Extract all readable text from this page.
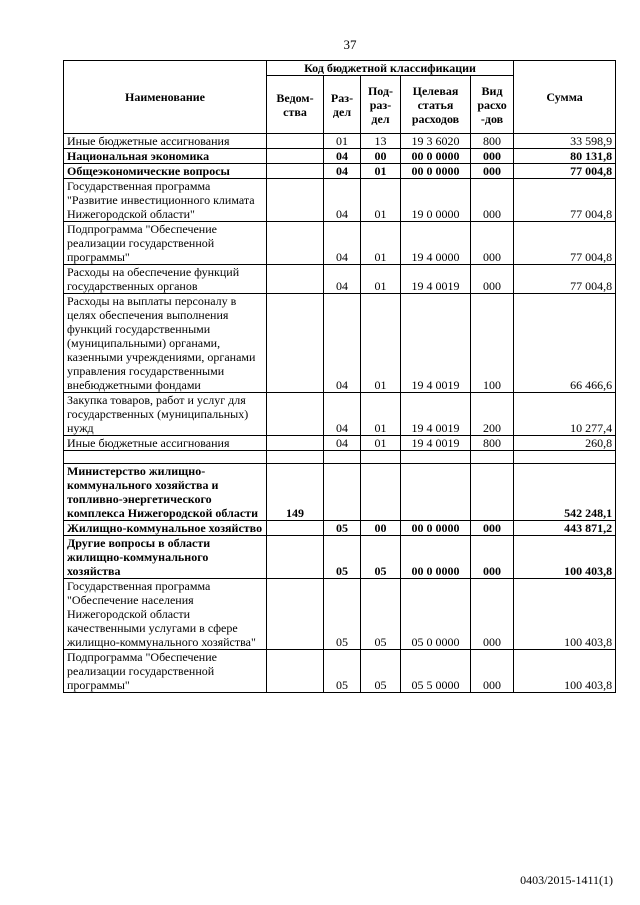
37
Наименование	Код бюджетной классификации					Сумма
	Ведом-ства	Раз-дел	Под-раз-дел	Целевая статья расходов	Вид расхо -дов	
Иные бюджетные ассигнования		01	13	19 3 6020	800	33 598,9
Национальная экономика		04	00	00 0 0000	000	80 131,8
Общеэкономические вопросы		04	01	00 0 0000	000	77 004,8
Государственная программа "Развитие инвестиционного климата Нижегородской области"		04	01	19 0 0000	000	77 004,8
Подпрограмма "Обеспечение реализации государственной программы"		04	01	19 4 0000	000	77 004,8
Расходы на обеспечение функций государственных органов		04	01	19 4 0019	000	77 004,8
Расходы на выплаты персоналу в целях обеспечения выполнения функций государственными (муниципальными) органами, казенными учреждениями, органами управления государственными внебюджетными фондами		04	01	19 4 0019	100	66 466,6
Закупка товаров, работ и услуг для государственных (муниципальных) нужд		04	01	19 4 0019	200	10 277,4
Иные бюджетные ассигнования		04	01	19 4 0019	800	260,8

Министерство жилищно-коммунального хозяйства и топливно-энергетического комплекса Нижегородской области	149					542 248,1
Жилищно-коммунальное хозяйство		05	00	00 0 0000	000	443 871,2
Другие вопросы в области жилищно-коммунального хозяйства		05	05	00 0 0000	000	100 403,8
Государственная программа "Обеспечение населения Нижегородской области качественными услугами в сфере жилищно-коммунального хозяйства"		05	05	05 0 0000	000	100 403,8
Подпрограмма "Обеспечение реализации государственной программы"		05	05	05 5 0000	000	100 403,8
0403/2015-1411(1)
